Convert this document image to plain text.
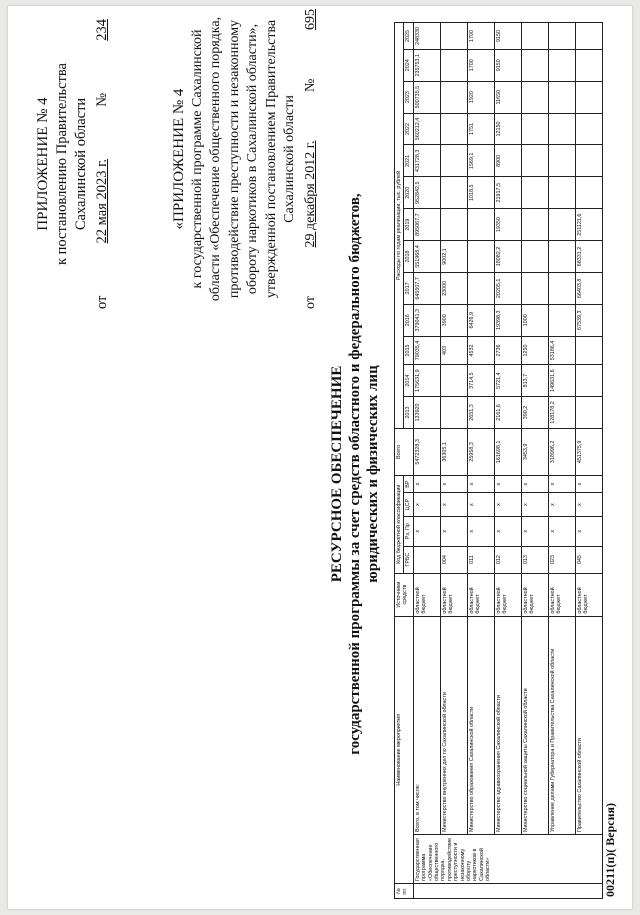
ПРИЛОЖЕНИЕ № 4 к постановлению Правительства Сахалинской области
от
22 мая 2023 г.
№
234
«ПРИЛОЖЕНИЕ № 4 к государственной программе Сахалинской области «Обеспечение общественного порядка, противодействие преступности и незаконному обороту наркотиков в Сахалинской области», утвержденной постановлением Правительства Сахалинской области
от
29 декабря 2012 г.
№
695
РЕСУРСНОЕ ОБЕСПЕЧЕНИЕ государственной программы за счет средств областного и федерального бюджетов, юридических и физических лиц
№ пп.	Наименование мероприятия		Источники средств	Код бюджетной классификации				Всего	Расходы по годам реализации, тыс. рублей												
				ГРБС	Рз, Пр	ЦСР	ВР		2013	2014	2015	2016	2017	2018	2019	2020	2021	2022	2023	2024	2025
	Государственная программа «Обеспечение общественного порядка, противодействие преступности и незаконному обороту наркотиков в Сахалинской области»	Всего, в том числе:	областной бюджет		x	x	x	5472328,3	133920	175631,9	79035,4	379041,3	645507,7	551968,4	895067,7	952842,5	431728,3	560212,4	500735,5	235753,1	248330
		Министерство внутренних дел по Сахалинской области	областной бюджет	004	x	x	x	36305,1			403	3900	23000	9002,1							
		Министерство образования Сахалинской области	областной бюджет	011	x	x	x	25958,3	2651,3	3714,5	4532	6426,9				1018,5	1569,1	1751	1920	1700	1700
		Министерство здравоохранения Сахалинской области	областной бюджет	012	x	x	x	161698,1	2161,6	5721,4	2736	19398,3	20205,1	18082,2	19350	21917,5	8900	12150	11650	9150	9150
		Министерство социальной защиты Сахалинской области	областной бюджет	013	x	x	x	3453,9	390,2	813,7	1250	1000									
		Управление делами Губернатора и Правительства Сахалинской области	областной бюджет	023	x	x	x	318996,2	128178,2	149631,6	53186,4										
		Правительство Сахалинской области	областной бюджет	045	x	x	x	451375,9				67539,3	66403,8	68331,2	251121,6						
00211(п)( Версия)
